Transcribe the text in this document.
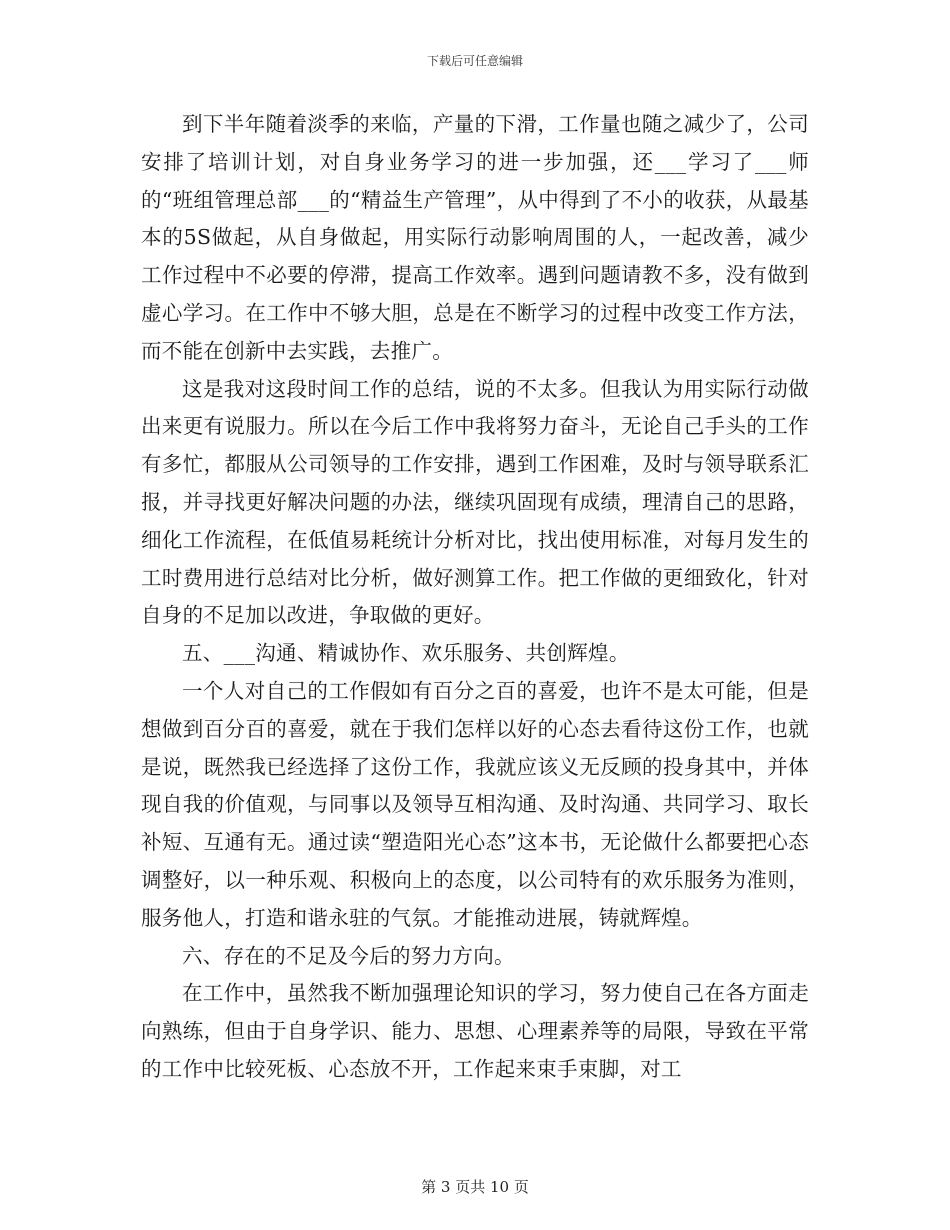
下载后可任意编辑

到下半年随着淡季的来临，产量的下滑，工作量也随之减少了，公司安排了培训计划，对自身业务学习的进一步加强，还___学习了___师的“班组管理总部___的“精益生产管理”，从中得到了不小的收获，从最基本的5S做起，从自身做起，用实际行动影响周围的人，一起改善，减少工作过程中不必要的停滞，提高工作效率。遇到问题请教不多，没有做到虚心学习。在工作中不够大胆，总是在不断学习的过程中改变工作方法，而不能在创新中去实践，去推广。

这是我对这段时间工作的总结，说的不太多。但我认为用实际行动做出来更有说服力。所以在今后工作中我将努力奋斗，无论自己手头的工作有多忙，都服从公司领导的工作安排，遇到工作困难，及时与领导联系汇报，并寻找更好解决问题的办法，继续巩固现有成绩，理清自己的思路，细化工作流程，在低值易耗统计分析对比，找出使用标准，对每月发生的工时费用进行总结对比分析，做好测算工作。把工作做的更细致化，针对自身的不足加以改进，争取做的更好。

五、___沟通、精诚协作、欢乐服务、共创辉煌。

一个人对自己的工作假如有百分之百的喜爱，也许不是太可能，但是想做到百分百的喜爱，就在于我们怎样以好的心态去看待这份工作，也就是说，既然我已经选择了这份工作，我就应该义无反顾的投身其中，并体现自我的价值观，与同事以及领导互相沟通、及时沟通、共同学习、取长补短、互通有无。通过读“塑造阳光心态”这本书，无论做什么都要把心态调整好，以一种乐观、积极向上的态度，以公司特有的欢乐服务为准则，服务他人，打造和谐永驻的气氛。才能推动进展，铸就辉煌。

六、存在的不足及今后的努力方向。

在工作中，虽然我不断加强理论知识的学习，努力使自己在各方面走向熟练，但由于自身学识、能力、思想、心理素养等的局限，导致在平常的工作中比较死板、心态放不开，工作起来束手束脚，对工

第 3 页共 10 页
